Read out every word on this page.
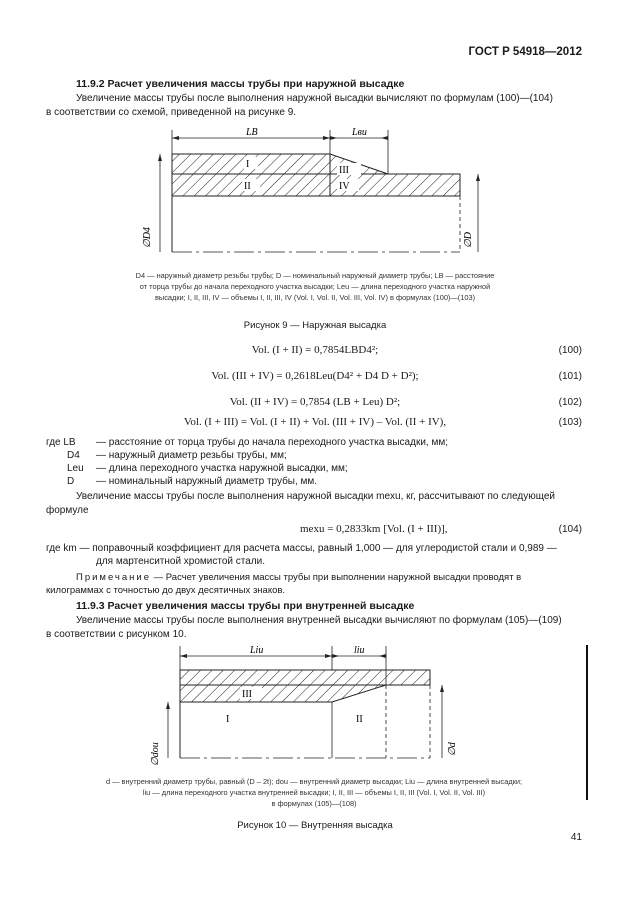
ГОСТ Р 54918—2012
11.9.2 Расчет увеличения массы трубы при наружной высадке
Увеличение массы трубы после выполнения наружной высадки вычисляют по формулам (100)—(104)
в соответствии со схемой, приведенной на рисунке 9.
LB	Lвu
I
II
III
IV
∅D4	∅D
D4 — наружный диаметр резьбы трубы; D — номинальный наружный диаметр трубы; LB — расстояние
от торца трубы до начала переходного участка высадки; Leu — длина переходного участка наружной
высадки; I, II, III, IV — объемы I, II, III, IV (Vol. I, Vol. II, Vol. III, Vol. IV) в формулах (100)—(103)
Рисунок 9 — Наружная высадка
Vol. (I + II) = 0,7854LBD4²;	(100)
Vol. (III + IV) = 0,2618Leu(D4² + D4 D + D²);	(101)
Vol. (II + IV) = 0,7854 (LB + Leu) D²;	(102)
Vol. (I + III) = Vol. (I + II) + Vol. (III + IV) – Vol. (II + IV),	(103)
где LB — расстояние от торца трубы до начала переходного участка высадки, мм;
D4 — наружный диаметр резьбы трубы, мм;
Leu — длина переходного участка наружной высадки, мм;
D — номинальный наружный диаметр трубы, мм.
Увеличение массы трубы после выполнения наружной высадки mexu, кг, рассчитывают по следующей
формуле
mexu = 0,2833km [Vol. (I + III)],	(104)
где km — поправочный коэффициент для расчета массы, равный 1,000 — для углеродистой стали и 0,989 —
для мартенситной хромистой стали.
Примечание — Расчет увеличения массы трубы при выполнении наружной высадки проводят в
килограммах с точностью до двух десятичных знаков.
11.9.3 Расчет увеличения массы трубы при внутренней высадке
Увеличение массы трубы после выполнения внутренней высадки вычисляют по формулам (105)—(109)
в соответствии с рисунком 10.
Liu	liu
III
I	II
∅dou	∅d
d — внутренний диаметр трубы, равный (D – 2t); dou — внутренний диаметр высадки; Liu — длина внутренней высадки;
liu — длина переходного участка внутренней высадки; I, II, III — объемы I, II, III (Vol. I, Vol. II, Vol. III)
в формулах (105)—(108)
Рисунок 10 — Внутренняя высадка
41
